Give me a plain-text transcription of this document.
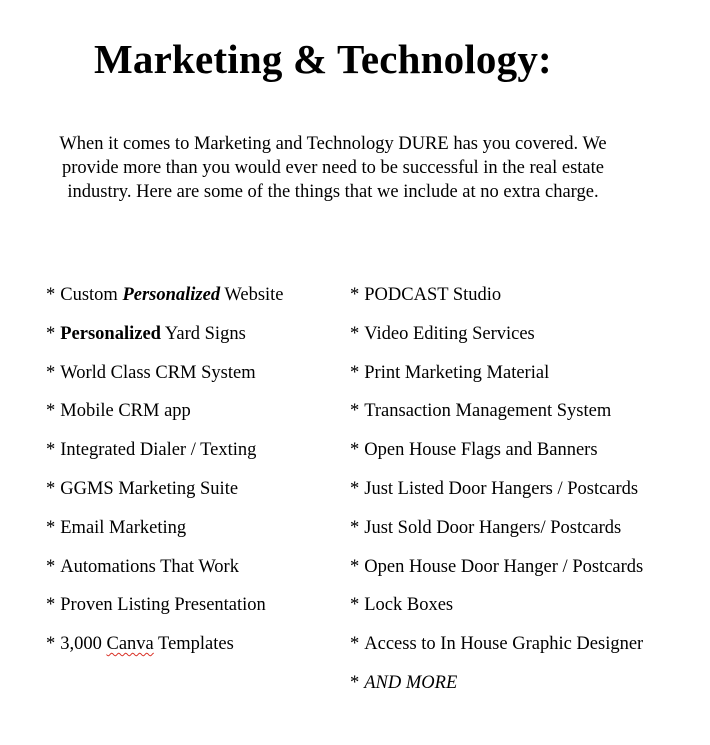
Marketing & Technology:

When it comes to Marketing and Technology DURE has you covered. We provide more than you would ever need to be successful in the real estate industry. Here are some of the things that we include at no extra charge.

* Custom Personalized Website
* Personalized Yard Signs
* World Class CRM System
* Mobile CRM app
* Integrated Dialer / Texting
* GGMS Marketing Suite
* Email Marketing
* Automations That Work
* Proven Listing Presentation
* 3,000 Canva Templates
* PODCAST Studio
* Video Editing Services
* Print Marketing Material
* Transaction Management System
* Open House Flags and Banners
* Just Listed Door Hangers / Postcards
* Just Sold Door Hangers/ Postcards
* Open House Door Hanger / Postcards
* Lock Boxes
* Access to In House Graphic Designer
* AND MORE
